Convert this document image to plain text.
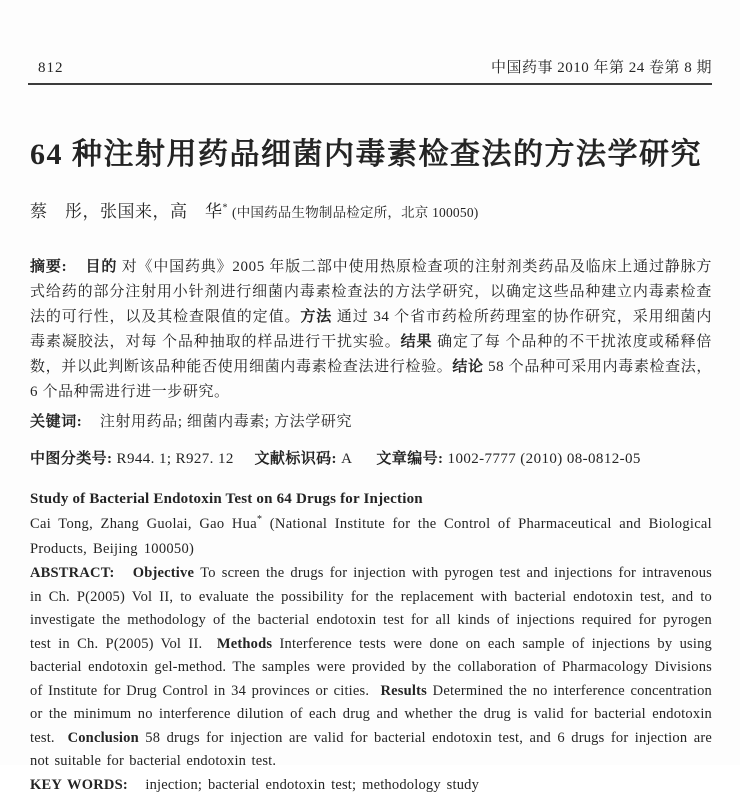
812	中国药事 2010 年第 24 卷第 8 期
64 种注射用药品细菌内毒素检查法的方法学研究

蔡　彤，张国来，高　华* (中国药品生物制品检定所，北京 100050)

摘要: 目的 对《中国药典》2005 年版二部中使用热原检查项的注射剂类药品及临床上通过静脉方式给药的部分注射用小针剂进行细菌内毒素检查法的方法学研究，以确定这些品种建立内毒素检查法的可行性，以及其检查限值的定值。方法 通过 34 个省市药检所药理室的协作研究，采用细菌内毒素凝胶法，对每 个品种抽取的样品进行干扰实验。结果 确定了每 个品种的不干扰浓度或稀释倍数，并以此判断该品种能否使用细菌内毒素检查法进行检验。结论 58 个品种可采用内毒素检查法，6 个品种需进行进一步研究。

关键词: 注射用药品; 细菌内毒素; 方法学研究

中图分类号: R944. 1; R927. 12 文献标识码: A 文章编号: 1002-7777 (2010) 08-0812-05

Study of Bacterial Endotoxin Test on 64 Drugs for Injection

Cai Tong, Zhang Guolai, Gao Hua* (National Institute for the Control of Pharmaceutical and Biological Products, Beijing 100050)

ABSTRACT: Objective To screen the drugs for injection with pyrogen test and injections for intravenous in Ch. P(2005) Vol II, to evaluate the possibility for the replacement with bacterial endotoxin test, and to investigate the methodology of the bacterial endotoxin test for all kinds of injections required for pyrogen test in Ch. P(2005) Vol II.  Methods Interference tests were done on each sample of injections by using bacterial endotoxin gel-method. The samples were provided by the collaboration of Pharmacology Divisions of Institute for Drug Control in 34 provinces or cities.  Results Determined the no interference concentration or the minimum no interference dilution of each drug and whether the drug is valid for bacterial endotoxin test.  Conclusion 58 drugs for injection are valid for bacterial endotoxin test, and 6 drugs for injection are not suitable for bacterial endotoxin test.

KEY WORDS: injection; bacterial endotoxin test; methodology study
